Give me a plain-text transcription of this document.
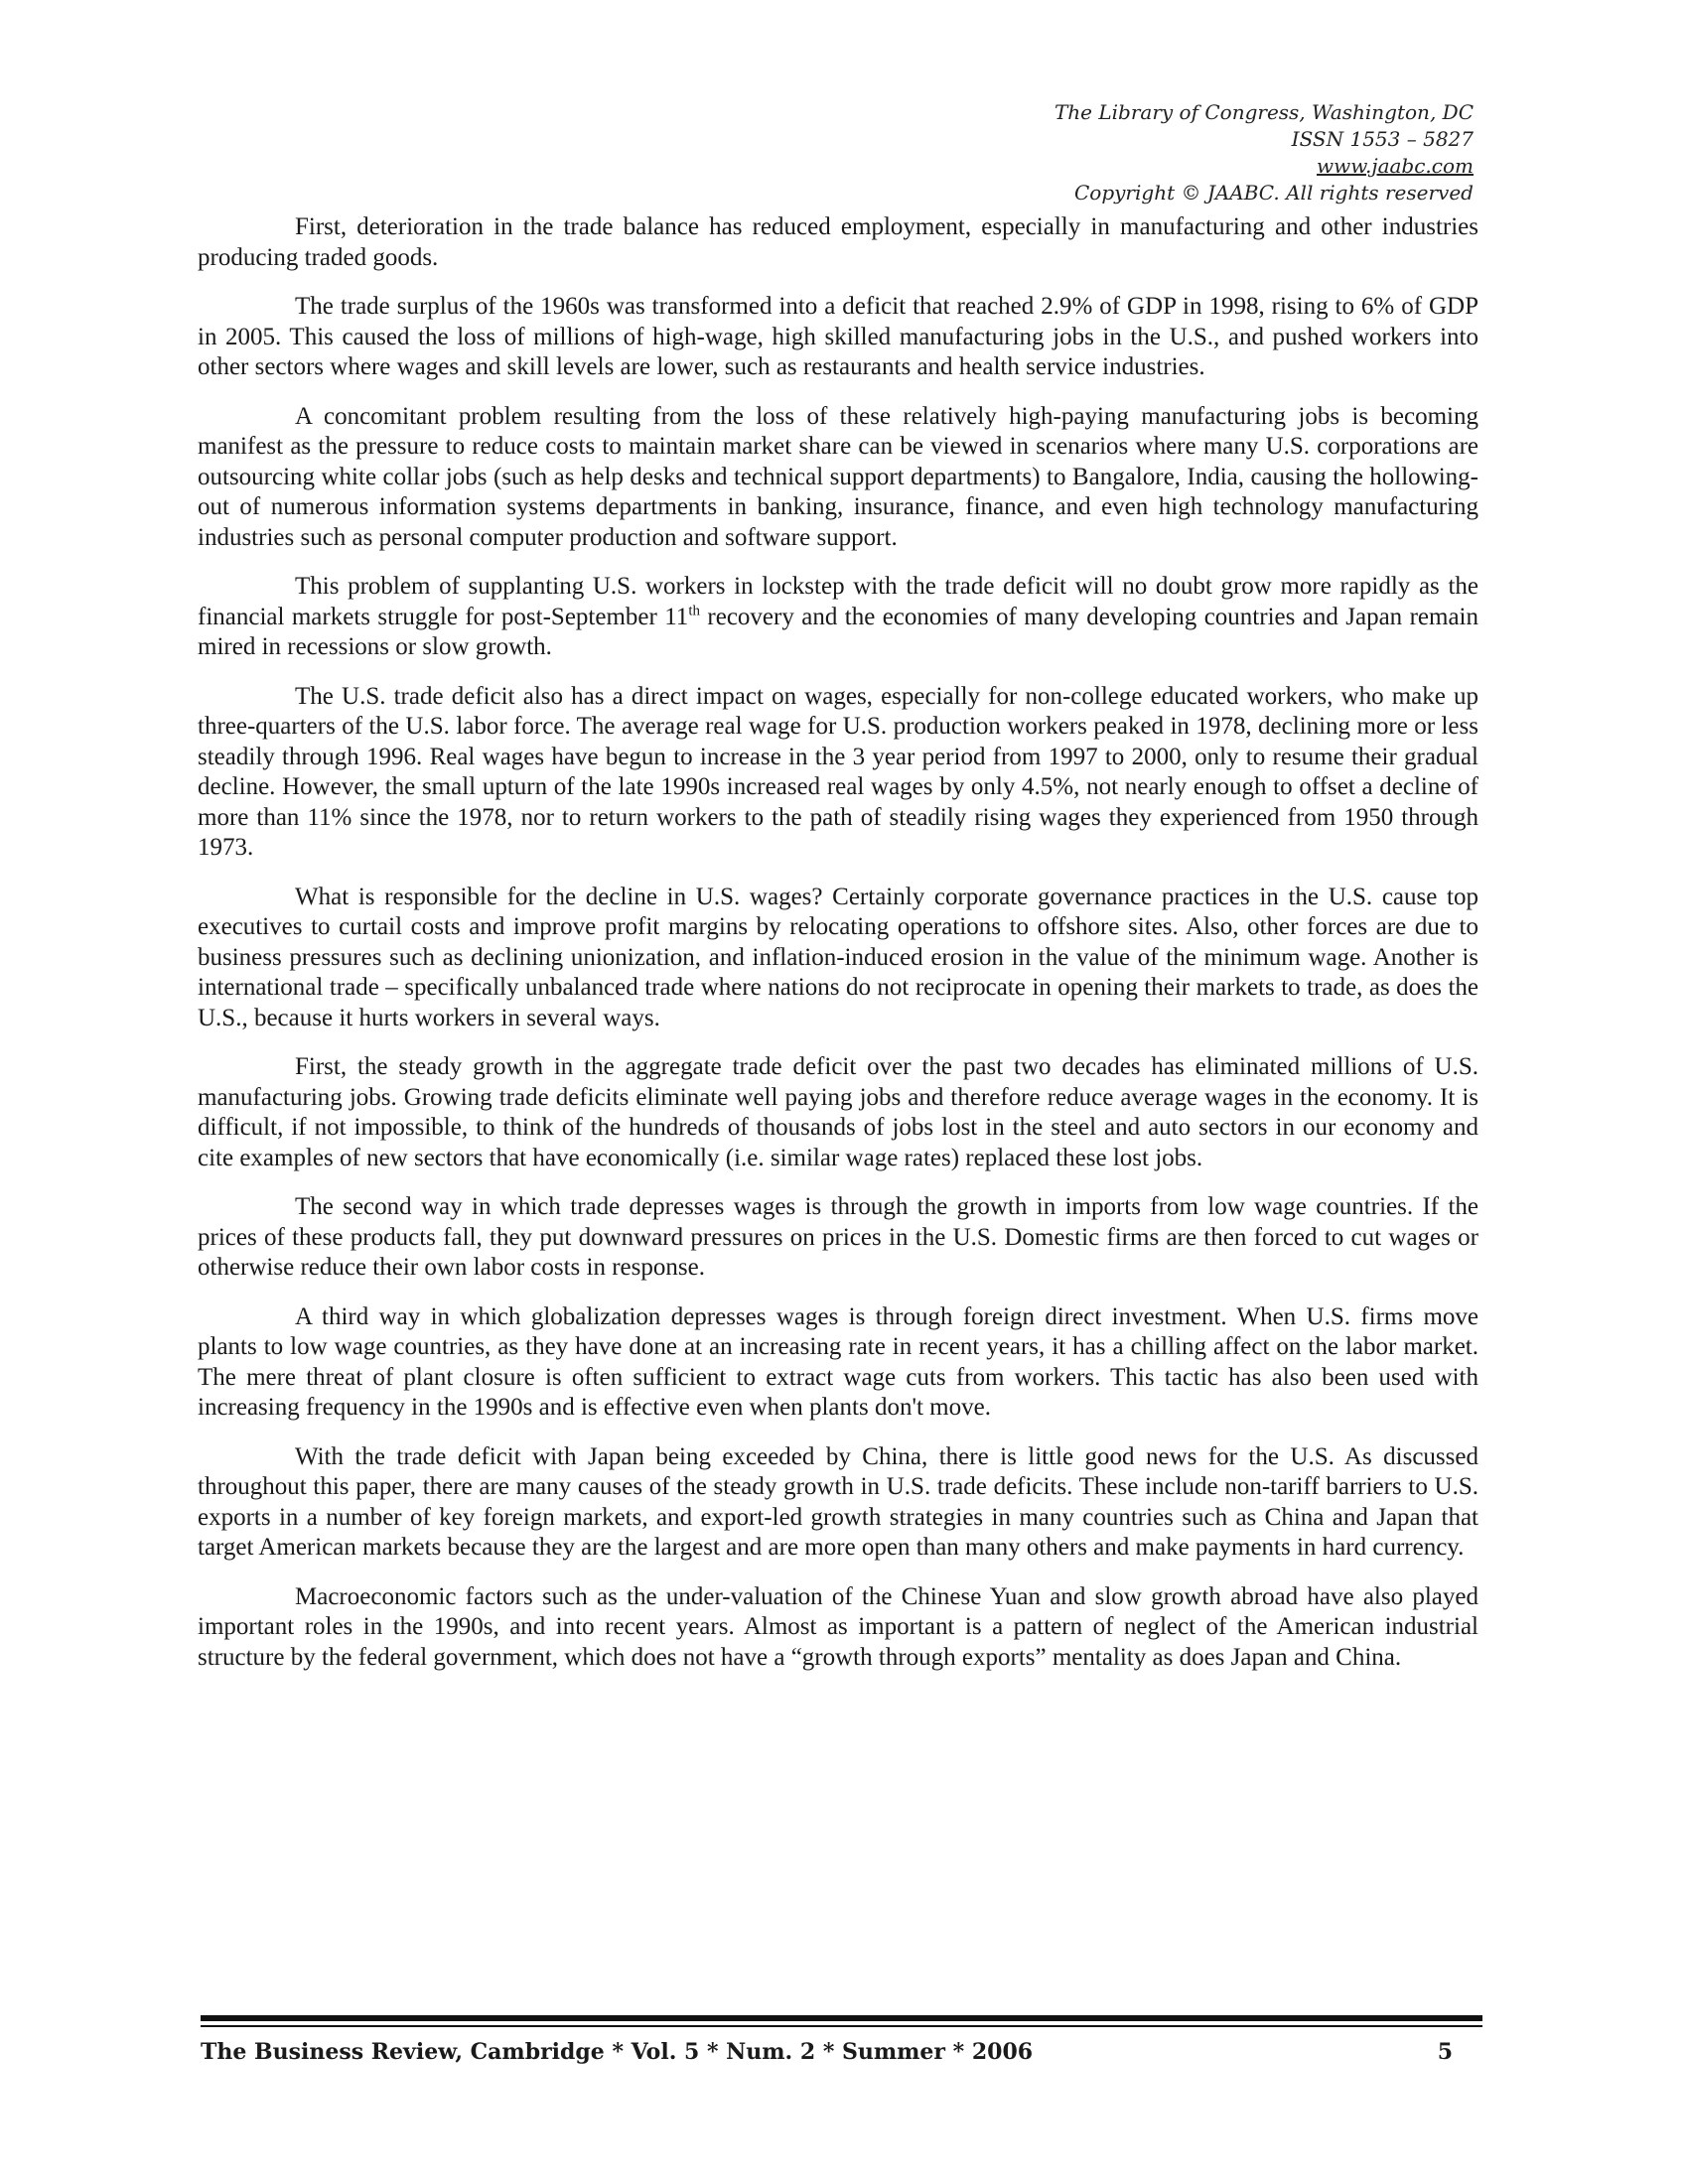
The Library of Congress, Washington, DC
ISSN 1553 – 5827
www.jaabc.com
Copyright © JAABC. All rights reserved

First, deterioration in the trade balance has reduced employment, especially in manufacturing and other industries producing traded goods.

The trade surplus of the 1960s was transformed into a deficit that reached 2.9% of GDP in 1998, rising to 6% of GDP in 2005. This caused the loss of millions of high-wage, high skilled manufacturing jobs in the U.S., and pushed workers into other sectors where wages and skill levels are lower, such as restaurants and health service industries.

A concomitant problem resulting from the loss of these relatively high-paying manufacturing jobs is becoming manifest as the pressure to reduce costs to maintain market share can be viewed in scenarios where many U.S. corporations are outsourcing white collar jobs (such as help desks and technical support departments) to Bangalore, India, causing the hollowing-out of numerous information systems departments in banking, insurance, finance, and even high technology manufacturing industries such as personal computer production and software support.

This problem of supplanting U.S. workers in lockstep with the trade deficit will no doubt grow more rapidly as the financial markets struggle for post-September 11th recovery and the economies of many developing countries and Japan remain mired in recessions or slow growth.

The U.S. trade deficit also has a direct impact on wages, especially for non-college educated workers, who make up three-quarters of the U.S. labor force. The average real wage for U.S. production workers peaked in 1978, declining more or less steadily through 1996. Real wages have begun to increase in the 3 year period from 1997 to 2000, only to resume their gradual decline. However, the small upturn of the late 1990s increased real wages by only 4.5%, not nearly enough to offset a decline of more than 11% since the 1978, nor to return workers to the path of steadily rising wages they experienced from 1950 through 1973.

What is responsible for the decline in U.S. wages? Certainly corporate governance practices in the U.S. cause top executives to curtail costs and improve profit margins by relocating operations to offshore sites. Also, other forces are due to business pressures such as declining unionization, and inflation-induced erosion in the value of the minimum wage. Another is international trade – specifically unbalanced trade where nations do not reciprocate in opening their markets to trade, as does the U.S., because it hurts workers in several ways.

First, the steady growth in the aggregate trade deficit over the past two decades has eliminated millions of U.S. manufacturing jobs. Growing trade deficits eliminate well paying jobs and therefore reduce average wages in the economy. It is difficult, if not impossible, to think of the hundreds of thousands of jobs lost in the steel and auto sectors in our economy and cite examples of new sectors that have economically (i.e. similar wage rates) replaced these lost jobs.

The second way in which trade depresses wages is through the growth in imports from low wage countries. If the prices of these products fall, they put downward pressures on prices in the U.S. Domestic firms are then forced to cut wages or otherwise reduce their own labor costs in response.

A third way in which globalization depresses wages is through foreign direct investment. When U.S. firms move plants to low wage countries, as they have done at an increasing rate in recent years, it has a chilling affect on the labor market. The mere threat of plant closure is often sufficient to extract wage cuts from workers. This tactic has also been used with increasing frequency in the 1990s and is effective even when plants don't move.

With the trade deficit with Japan being exceeded by China, there is little good news for the U.S. As discussed throughout this paper, there are many causes of the steady growth in U.S. trade deficits. These include non-tariff barriers to U.S. exports in a number of key foreign markets, and export-led growth strategies in many countries such as China and Japan that target American markets because they are the largest and are more open than many others and make payments in hard currency.

Macroeconomic factors such as the under-valuation of the Chinese Yuan and slow growth abroad have also played important roles in the 1990s, and into recent years. Almost as important is a pattern of neglect of the American industrial structure by the federal government, which does not have a “growth through exports” mentality as does Japan and China.

The Business Review, Cambridge * Vol. 5 * Num. 2 * Summer * 2006	5
